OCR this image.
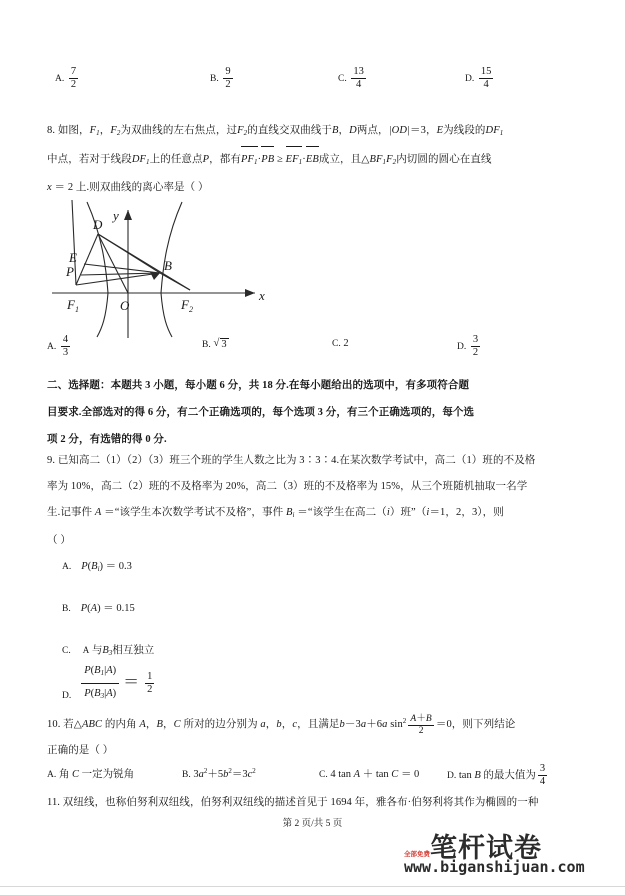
A. $\frac{7}{2}$	B. $\frac{9}{2}$	C. $\frac{13}{4}$	D. $\frac{15}{4}$
8. 如图，$F_1$，$F_2$为双曲线的左右焦点，过$F_2$的直线交双曲线于B，D两点，|OD|＝3，E为线段的$DF_1$
中点，若对于线段$DF_1$上的任意点P，都有$PF_1\cdot PB \ge EF_1\cdot EB$成立，且$\triangle BF_1F_2$内切圆的圆心在直线
x ＝ 2 上.则双曲线的离心率是（ ）
y
x
O
D
E
P	B
$F_1$	$F_2$
A. $\frac{4}{3}$	B. √ 3	C. 2	D. $\frac{3}{2}$
二、选择题：本题共 3 小题，每小题 6 分，共 18 分.在每小题给出的选项中，有多项符合题
目要求.全部选对的得 6 分，有二个正确选项的，每个选项 3 分，有三个正确选项的，每个选
项 2 分，有选错的得 0 分.
9. 已知高二（1）（2）（3）班三个班的学生人数之比为 3∶3∶4.在某次数学考试中，高二（1）班的不及格
率为 10%，高二（2）班的不及格率为 20%，高二（3）班的不及格率为 15%，从三个班随机抽取一名学
生.记事件 A ＝“该学生本次数学考试不及格”，事件 $B_i$ ＝“该学生在高二（i）班”（i＝1，2，3），则
（ ）
A. $P(B_i) = 0.3$
B. P(A) ＝ 0.15
C. A 与$B_3$相互独立
$_{D.} \frac{P(B_1|A)}{P(B_3|A)} = \frac{1}{2}$
10. 若△ABC 的内角 A，B，C 所对的边分别为 a，b，c，且满足b－3a＋6a $\sin^2 \frac{A+B}{2} =0$，则下列结论
正确的是（ ）
A. 角 C 一定为锐角	B. $3a^2+5b^2=3c^2$	C. 4 tan A ＋ tan C ＝ 0	D. tan B 的最大值为 $\frac{3}{4}$
11. 双纽线，也称伯努利双纽线，伯努利双纽线的描述首见于 1694 年，雅各布·伯努利将其作为椭圆的一种
第 2 页/共 5 页
笔杆试卷
全部免费
www.biganshijuan.com
